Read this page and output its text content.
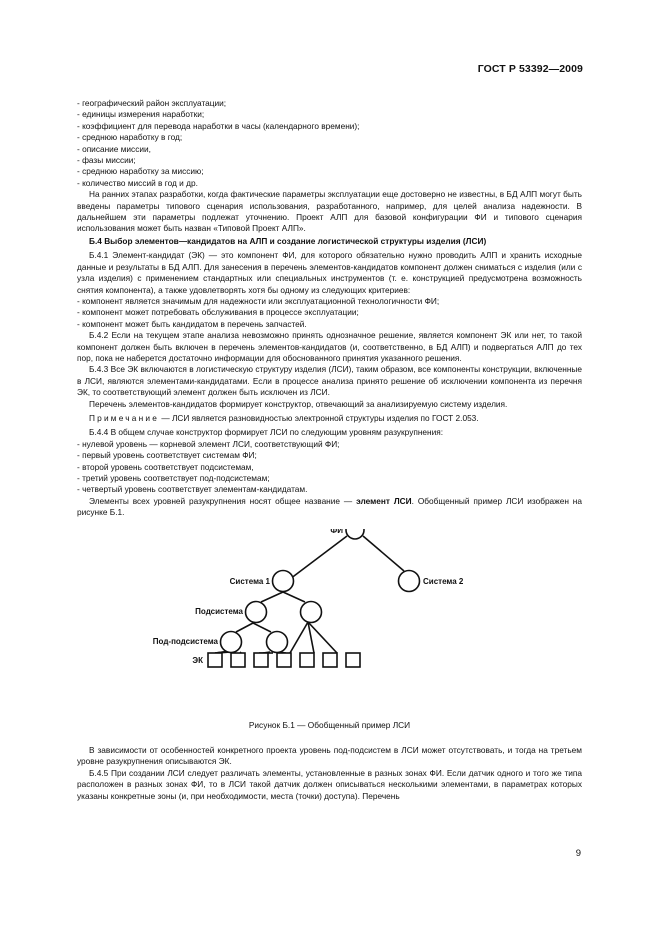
ГОСТ Р 53392—2009

- географический район эксплуатации;

- единицы измерения наработки;

- коэффициент для перевода наработки в часы (календарного времени);

- среднюю наработку в год;

- описание миссии,

- фазы миссии;

- среднюю наработку за миссию;

- количество миссий в год и др.

На ранних этапах разработки, когда фактические параметры эксплуатации еще достоверно не известны, в БД АЛП могут быть введены параметры типового сценария использования, разработанного, например, для целей анализа надежности. В дальнейшем эти параметры подлежат уточнению. Проект АЛП для базовой конфигурации ФИ и типового сценария использования может быть назван «Типовой Проект АЛП».

Б.4 Выбор элементов—кандидатов на АЛП и создание логистической структуры изделия (ЛСИ)

Б.4.1 Элемент-кандидат (ЭК) — это компонент ФИ, для которого обязательно нужно проводить АЛП и хранить исходные данные и результаты в БД АЛП. Для занесения в перечень элементов-кандидатов компонент должен сниматься с изделия (или с узла изделия) с применением стандартных или специальных инструментов (т. е. конструкцией предусмотрена возможность снятия компонента), а также удовлетворять хотя бы одному из следующих критериев:

- компонент является значимым для надежности или эксплуатационной технологичности ФИ;

- компонент может потребовать обслуживания в процессе эксплуатации;

- компонент может быть кандидатом в перечень запчастей.

Б.4.2 Если на текущем этапе анализа невозможно принять однозначное решение, является компонент ЭК или нет, то такой компонент должен быть включен в перечень элементов-кандидатов (и, соответственно, в БД АЛП) и подвергаться АЛП до тех пор, пока не наберется достаточно информации для обоснованного принятия указанного решения.

Б.4.3 Все ЭК включаются в логистическую структуру изделия (ЛСИ), таким образом, все компоненты конструкции, включенные в ЛСИ, являются элементами-кандидатами. Если в процессе анализа принято решение об исключении компонента из перечня ЭК, то соответствующий элемент должен быть исключен из ЛСИ.

Перечень элементов-кандидатов формирует конструктор, отвечающий за анализируемую систему изделия.

Примечание — ЛСИ является разновидностью электронной структуры изделия по ГОСТ 2.053.

Б.4.4 В общем случае конструктор формирует ЛСИ по следующим уровням разукрупнения:

- нулевой уровень — корневой элемент ЛСИ, соответствующий ФИ;

- первый уровень соответствует системам ФИ;

- второй уровень соответствует подсистемам,

- третий уровень соответствует под-подсистемам;

- четвертый уровень соответствует элементам-кандидатам.

Элементы всех уровней разукрупнения носят общее название — элемент ЛСИ. Обобщенный пример ЛСИ изображен на рисунке Б.1.

ФИ
Система 1	Система 2
Подсистема
Под-подсистема
ЭК

Рисунок Б.1 — Обобщенный пример ЛСИ

В зависимости от особенностей конкретного проекта уровень под-подсистем в ЛСИ может отсутствовать, и тогда на третьем уровне разукрупнения описываются ЭК.

Б.4.5 При создании ЛСИ следует различать элементы, установленные в разных зонах ФИ. Если датчик одного и того же типа расположен в разных зонах ФИ, то в ЛСИ такой датчик должен описываться несколькими элементами, в параметрах которых указаны конкретные зоны (и, при необходимости, места (точки) доступа). Перечень

9
